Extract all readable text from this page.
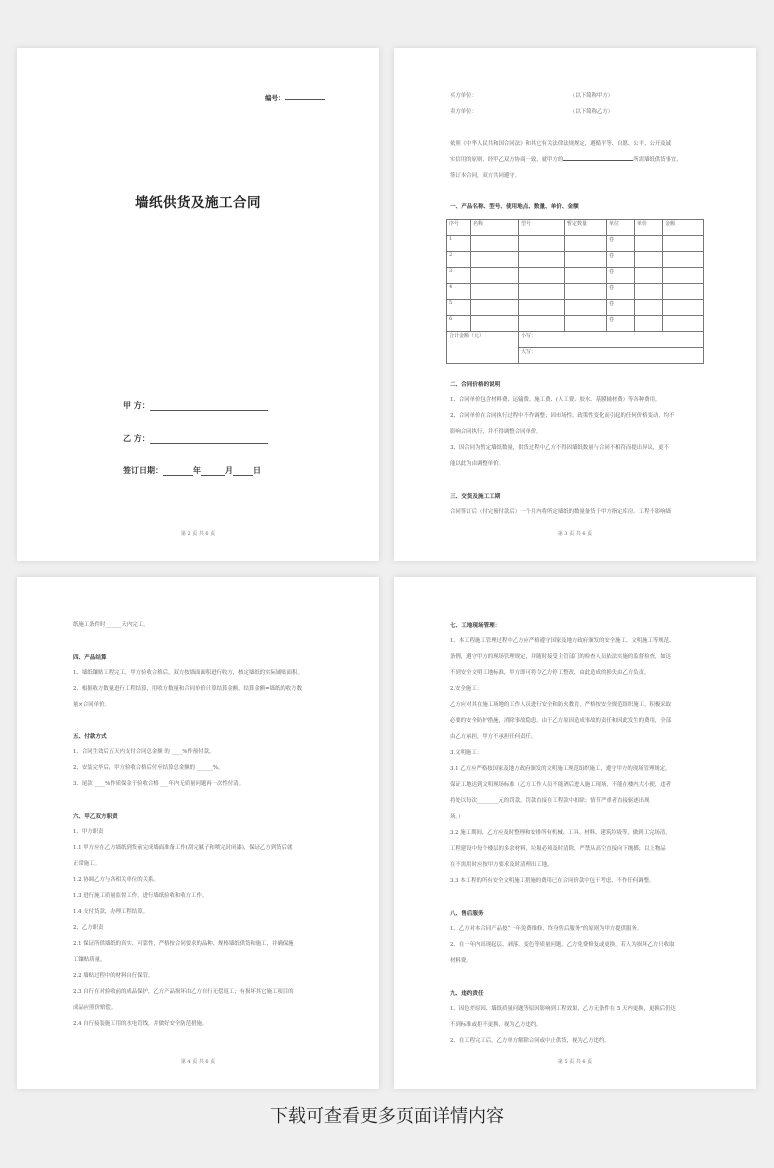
编号：
墙纸供货及施工合同
甲 方：
乙 方：
签订日期：	年	月	日
第 2 页 共 6 页
买方单位：	（以下简称甲方）
卖方单位：	（以下简称乙方）
依照《中华人民共和国合同法》和其它有关法律法规规定，遵循平等、自愿、公平、公开及诚
实信用的原则，经甲乙双方协商一致，就甲方的	所需墙纸供货事宜，
签订本合同，双方共同遵守。
一、产品名称、型号、使用地点、数量、单价、金额
序号	名称	型号	暂定数量	单位	单价	金额
1				卷		
2				卷		
3				卷		
4				卷		
5				卷		
6				卷		
合计金额（元）		小写：				
		大写：				
二、合同价格的说明
1、合同单价包含材料费、运输费、施工费、(人工费、胶水、基膜辅材费）等各种费用。
2、合同单价在合同执行过程中不作调整；因市场性、政策性变化而引起的任何价格变动，均不
影响合同执行，并不得调整合同单价。
3、因合同为暂定墙纸数量，供货过程中乙方不得因墙纸数量与合同不相符而提出异议，更不
能以此为由调整单价。
三、交货及施工工期
合同签订后（付完预付款后）一个月内将所定墙纸的数量备货于甲方指定库房。工程不影响墙
第 3 页 共 6 页
纸施工条件时______天内完工。
四、产品结算
1、墙纸镶贴工程完工，甲方验收合格后，双方按墙面面积进行收方，核定墙纸的实际铺贴面积。
2、根据收方数量进行工程结算，用收方数量和合同单价计算结算金额，结算金额=墙纸的收方数
量×合同单价。
五、付款方式
1、合同生效后五天内支付合同总金额 的 ____%作预付款。
2、安装完毕后，甲方验收合格后付至结算总金额的 ______%。
3、尾款 ____%作质保金于验收合格 ___年内无质量问题再一次性付清。
六、甲乙双方职责
1、甲方职责
1.1 甲方应在乙方墙纸到货前完成墙面准备工作(刮完腻子和喷完封闭漆)，保证乙方到货后就
正常施工。
1.2 协调乙方与各相关单位的关系。
1.3 进行施工质量监督工作，进行墙纸验收和收方工作。
1.4 支付货款，办理工程结算。
2、乙方职责
2.1 保证所供墙纸的真实、可靠性，严格按合同要求的品种、规格墙纸供货和施工，并确保施
工镶贴质量。
2.2 墙贴过程中的材料自行保管。
2.3 自行在对验收前的成品保护，乙方产品损坏由乙方自行无偿返工；有损坏其它施工项目的
成品应照价赔偿。
2.4 自行接装施工用的水电管线，并做好安全防范措施。
第 4 页 共 6 页
七、工地现场管理：
1、本工程施工管理过程中乙方应严格遵守国家及地方政府颁发的安全施工、文明施工等规范、
条例，遵守甲方的现场管理规定，并随时接受主管部门的检查人员依法实施的监督检查，如达
不到安全文明工地标准，甲方即可将令乙方停工整改，由此造成的损失由乙方负责。
2.安全施工：
乙方应对其在施工场地的工作人员进行安全和防火教育，严格按安全规范组织施工，积极采取
必要的安全防护措施，消除事故隐患，由于乙方原因造成事故的责任和因此发生的费用，全部
由乙方承担，甲方不承担任何责任。
3.文明施工：
3.1 乙方应严格按国家及地方政府颁发的文明施工现范组织施工，遵守甲方的现场管理规定，
保证工地达到文明现场标准（乙方工作人员不能酒后进入施工现场，不能在楼内大小便，违者
将处以每次________元的罚款，罚款直接在工程款中扣除；情节严重者直接驱逐出现
场。）
3.2 施工期间，乙方应及时整理和安排所有机械、工具、材料、建筑垃圾等，做到工完场清。
工程建设中每个楼层的多余材料，垃圾必须及时清除，严禁从高空直接向下抛掷；以上物品
在不需用时应按甲方要求及时清理出工地。
3.3 本工程的所有安全文明施工措施的费用已在合同价款中包干考虑，不作任何调整。
八、售后服务
1、乙方对本合同产品按“一年免费维修，终身售后服务”的原则为甲方提供服务。
2、在一年内出现起层、剥落、变色等质量问题，乙方免费修复或更换，若人为损坏乙方只收取
材料费。
九、违约责任
1、因色差原因、墙纸质量问题等原因影响到工程效果，乙方无条件在 5 天内更换，更换后仍达
不到标准或拒不更换，视为乙方违约。
2、在工程完工后，乙方单方解除合同或中止供货，视为乙方违约。
第 5 页 共 6 页
下载可查看更多页面详情内容
